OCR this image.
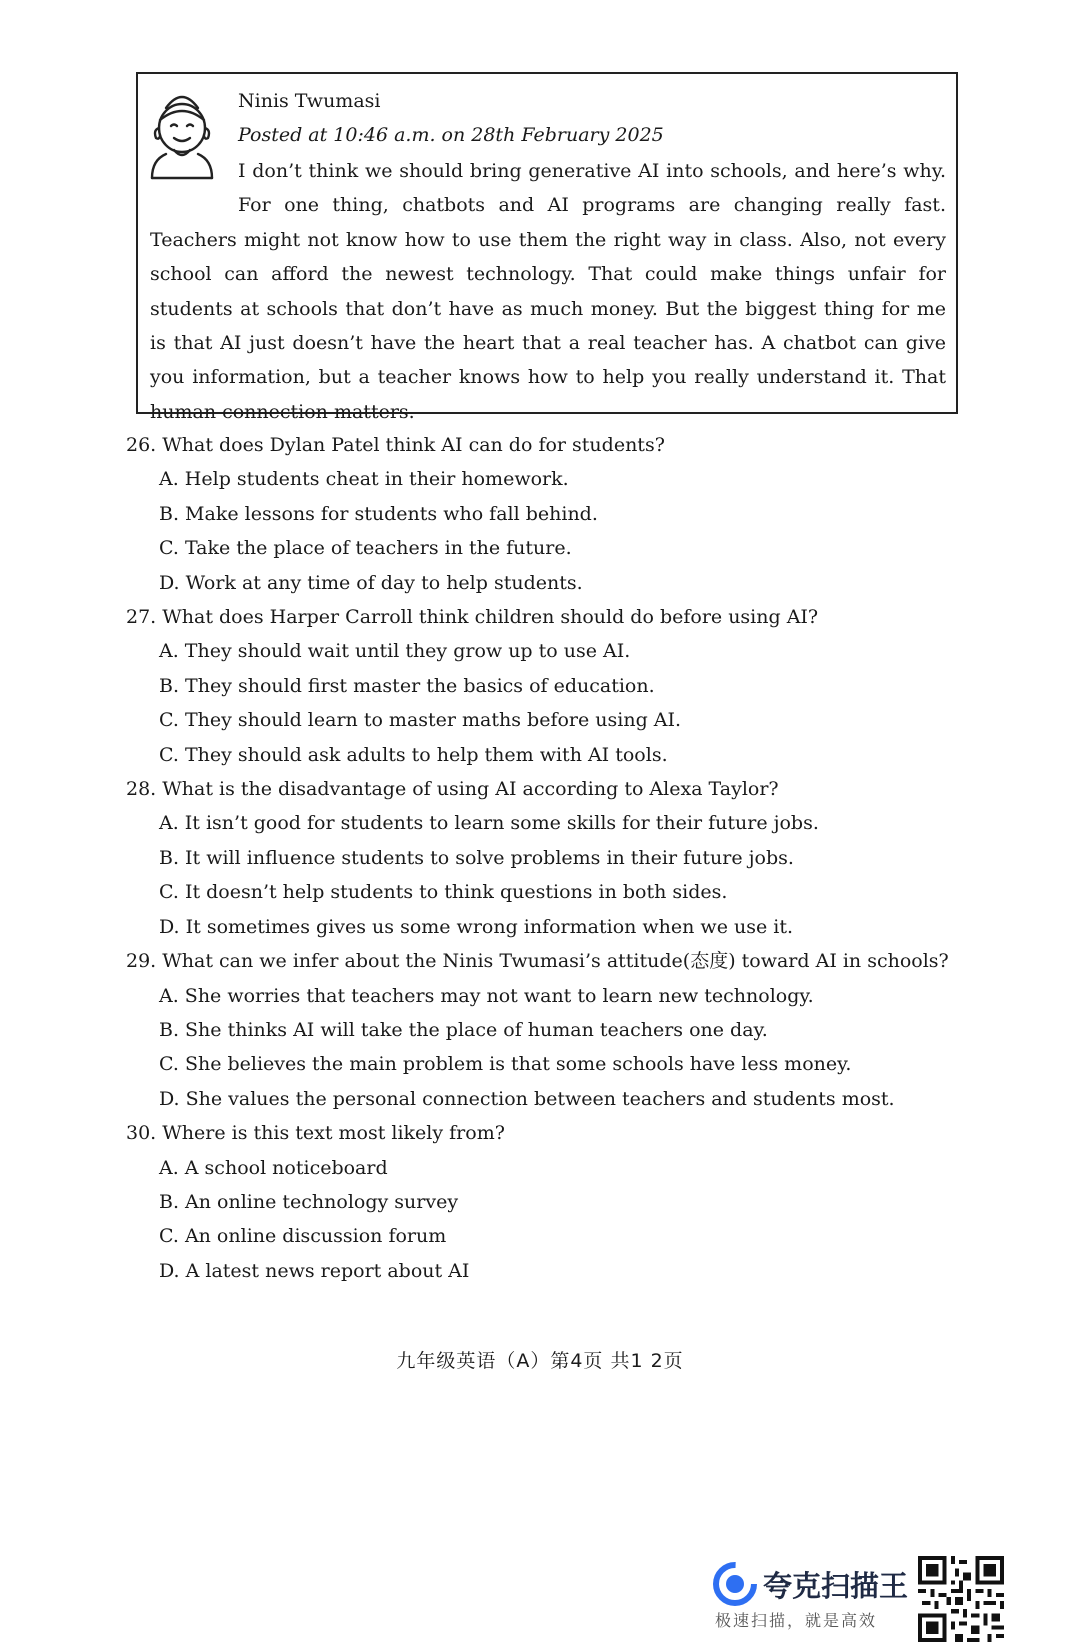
Ninis Twumasi
Posted at 10:46 a.m. on 28th February 2025

I don’t think we should bring generative AI into schools, and here’s why.

For one thing, chatbots and AI programs are changing really fast. Teachers might not know how to use them the right way in class. Also, not every school can afford the newest technology. That could make things unfair for students at schools that don’t have as much money. But the biggest thing for me is that AI just doesn’t have the heart that a real teacher has. A chatbot can give you information, but a teacher knows how to help you really understand it. That human connection matters.

26. What does Dylan Patel think AI can do for students?
A. Help students cheat in their homework.
B. Make lessons for students who fall behind.
C. Take the place of teachers in the future.
D. Work at any time of day to help students.
27. What does Harper Carroll think children should do before using AI?
A. They should wait until they grow up to use AI.
B. They should first master the basics of education.
C. They should learn to master maths before using AI.
C. They should ask adults to help them with AI tools.
28. What is the disadvantage of using AI according to Alexa Taylor?
A. It isn’t good for students to learn some skills for their future jobs.
B. It will influence students to solve problems in their future jobs.
C. It doesn’t help students to think questions in both sides.
D. It sometimes gives us some wrong information when we use it.
29. What can we infer about the Ninis Twumasi’s attitude(态度) toward AI in schools?
A. She worries that teachers may not want to learn new technology.
B. She thinks AI will take the place of human teachers one day.
C. She believes the main problem is that some schools have less money.
D. She values the personal connection between teachers and students most.
30. Where is this text most likely from?
A. A school noticeboard
B. An online technology survey
C. An online discussion forum
D. A latest news report about AI
九年级英语（A）第4页 共1 2页
夸克扫描王
极速扫描，就是高效
